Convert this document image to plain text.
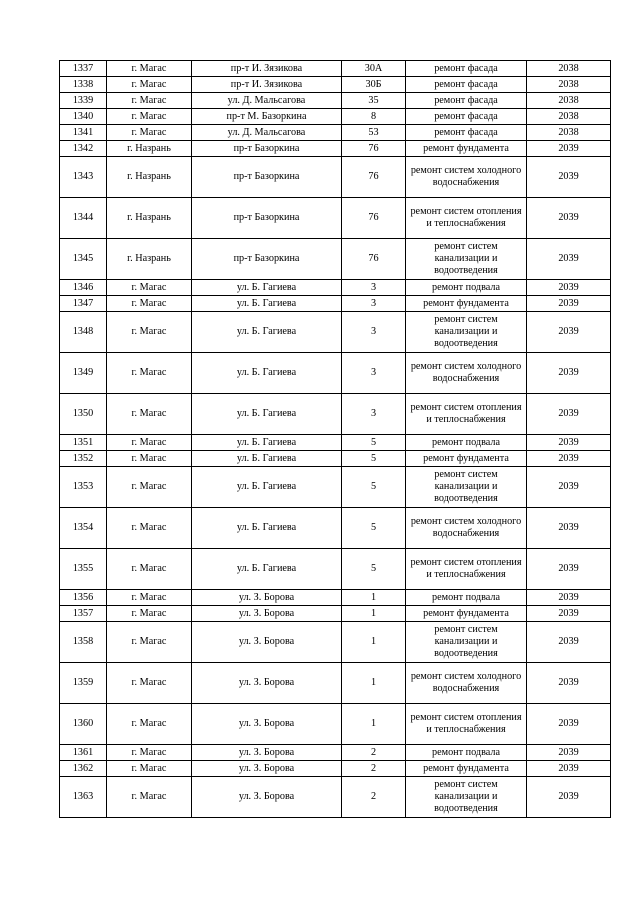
1337	г. Магас	пр-т И. Зязикова	30А	ремонт фасада	2038
1338	г. Магас	пр-т И. Зязикова	30Б	ремонт фасада	2038
1339	г. Магас	ул. Д. Мальсагова	35	ремонт фасада	2038
1340	г. Магас	пр-т М. Базоркина	8	ремонт фасада	2038
1341	г. Магас	ул. Д. Мальсагова	53	ремонт фасада	2038
1342	г. Назрань	пр-т Базоркина	76	ремонт фундамента	2039
1343	г. Назрань	пр-т Базоркина	76	ремонт систем холодного водоснабжения	2039
1344	г. Назрань	пр-т Базоркина	76	ремонт систем отопления и теплоснабжения	2039
1345	г. Назрань	пр-т Базоркина	76	ремонт систем канализации и водоотведения	2039
1346	г. Магас	ул. Б. Гагиева	3	ремонт подвала	2039
1347	г. Магас	ул. Б. Гагиева	3	ремонт фундамента	2039
1348	г. Магас	ул. Б. Гагиева	3	ремонт систем канализации и водоотведения	2039
1349	г. Магас	ул. Б. Гагиева	3	ремонт систем холодного водоснабжения	2039
1350	г. Магас	ул. Б. Гагиева	3	ремонт систем отопления и теплоснабжения	2039
1351	г. Магас	ул. Б. Гагиева	5	ремонт подвала	2039
1352	г. Магас	ул. Б. Гагиева	5	ремонт фундамента	2039
1353	г. Магас	ул. Б. Гагиева	5	ремонт систем канализации и водоотведения	2039
1354	г. Магас	ул. Б. Гагиева	5	ремонт систем холодного водоснабжения	2039
1355	г. Магас	ул. Б. Гагиева	5	ремонт систем отопления и теплоснабжения	2039
1356	г. Магас	ул. З. Борова	1	ремонт подвала	2039
1357	г. Магас	ул. З. Борова	1	ремонт фундамента	2039
1358	г. Магас	ул. З. Борова	1	ремонт систем канализации и водоотведения	2039
1359	г. Магас	ул. З. Борова	1	ремонт систем холодного водоснабжения	2039
1360	г. Магас	ул. З. Борова	1	ремонт систем отопления и теплоснабжения	2039
1361	г. Магас	ул. З. Борова	2	ремонт подвала	2039
1362	г. Магас	ул. З. Борова	2	ремонт фундамента	2039
1363	г. Магас	ул. З. Борова	2	ремонт систем канализации и водоотведения	2039
